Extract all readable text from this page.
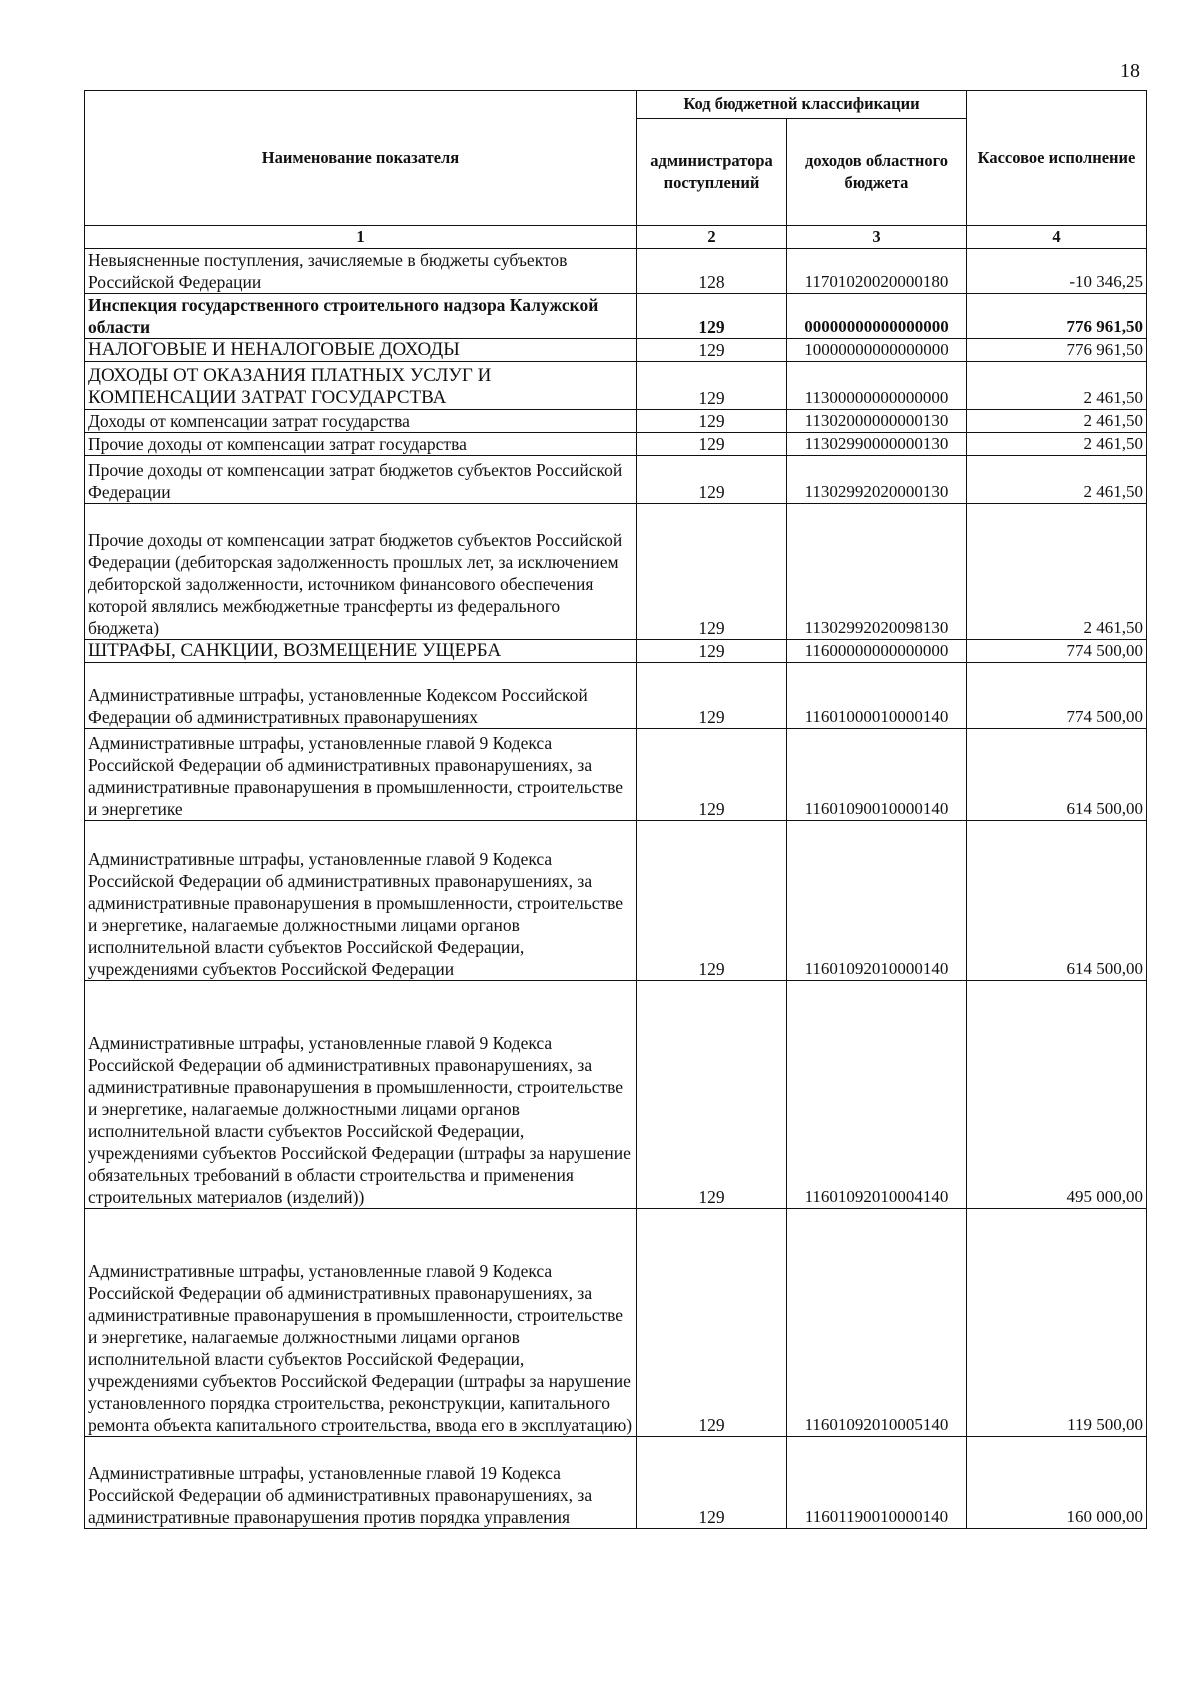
18
Наименование показателя	Код бюджетной классификации		Кассовое исполнение
	администратора поступлений	доходов областного бюджета	
1	2	3	4
Невыясненные поступления, зачисляемые в бюджеты субъектов Российской Федерации	128	11701020020000180	-10 346,25
Инспекция государственного строительного надзора Калужской области	129	00000000000000000	776 961,50
НАЛОГОВЫЕ И НЕНАЛОГОВЫЕ ДОХОДЫ	129	10000000000000000	776 961,50
ДОХОДЫ ОТ ОКАЗАНИЯ ПЛАТНЫХ УСЛУГ И КОМПЕНСАЦИИ ЗАТРАТ ГОСУДАРСТВА	129	11300000000000000	2 461,50
Доходы от компенсации затрат государства	129	11302000000000130	2 461,50
Прочие доходы от компенсации затрат государства	129	11302990000000130	2 461,50
Прочие доходы от компенсации затрат бюджетов субъектов Российской Федерации	129	11302992020000130	2 461,50
Прочие доходы от компенсации затрат бюджетов субъектов Российской Федерации (дебиторская задолженность прошлых лет, за исключением дебиторской задолженности, источником финансового обеспечения которой являлись межбюджетные трансферты из федерального бюджета)	129	11302992020098130	2 461,50
ШТРАФЫ, САНКЦИИ, ВОЗМЕЩЕНИЕ УЩЕРБА	129	11600000000000000	774 500,00
Административные штрафы, установленные Кодексом Российской Федерации об административных правонарушениях	129	11601000010000140	774 500,00
Административные штрафы, установленные главой 9 Кодекса Российской Федерации об административных правонарушениях, за административные правонарушения в промышленности, строительстве и энергетике	129	11601090010000140	614 500,00
Административные штрафы, установленные главой 9 Кодекса Российской Федерации об административных правонарушениях, за административные правонарушения в промышленности, строительстве и энергетике, налагаемые должностными лицами органов исполнительной власти субъектов Российской Федерации, учреждениями субъектов Российской Федерации	129	11601092010000140	614 500,00
Административные штрафы, установленные главой 9 Кодекса Российской Федерации об административных правонарушениях, за административные правонарушения в промышленности, строительстве и энергетике, налагаемые должностными лицами органов исполнительной власти субъектов Российской Федерации, учреждениями субъектов Российской Федерации (штрафы за нарушение обязательных требований в области строительства и применения строительных материалов (изделий))	129	11601092010004140	495 000,00
Административные штрафы, установленные главой 9 Кодекса Российской Федерации об административных правонарушениях, за административные правонарушения в промышленности, строительстве и энергетике, налагаемые должностными лицами органов исполнительной власти субъектов Российской Федерации, учреждениями субъектов Российской Федерации (штрафы за нарушение установленного порядка строительства, реконструкции, капитального ремонта объекта капитального строительства, ввода его в эксплуатацию)	129	11601092010005140	119 500,00
Административные штрафы, установленные главой 19 Кодекса Российской Федерации об административных правонарушениях, за административные правонарушения против порядка управления	129	11601190010000140	160 000,00
